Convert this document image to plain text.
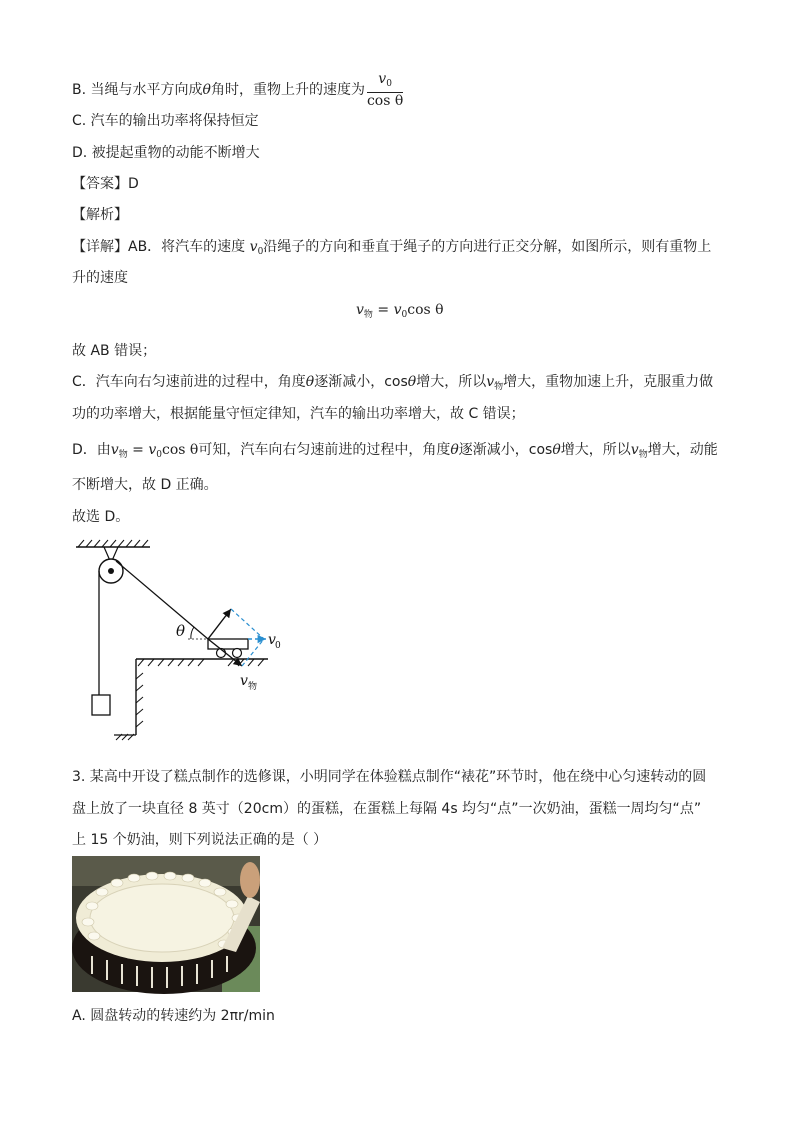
B. 当绳与水平方向成θ角时，重物上升的速度为 $\frac{v_0}{\text{cos θ}}$
C. 汽车的输出功率将保持恒定
D. 被提起重物的动能不断增大
【答案】D
【解析】
【详解】AB．将汽车的速度 $v_0$沿绳子的方向和垂直于绳子的方向进行正交分解，如图所示，则有重物上
升的速度
$v_物 = v_0\cos$ θ
故 AB 错误；
C．汽车向右匀速前进的过程中，角度θ逐渐减小，cosθ增大，所以$v_物$增大，重物加速上升，克服重力做
功的功率增大，根据能量守恒定律知，汽车的输出功率增大，故 C 错误；
D．由$v_物 = v_0\cos$ θ可知，汽车向右匀速前进的过程中，角度θ逐渐减小，cosθ增大，所以$v_物$增大，动能
不断增大，故 D 正确。
故选 D。
θ	v 0
v 物
3. 某高中开设了糕点制作的选修课，小明同学在体验糕点制作“裱花”环节时，他在绕中心匀速转动的圆
盘上放了一块直径 8 英寸（20cm）的蛋糕，在蛋糕上每隔 4s 均匀“点”一次奶油，蛋糕一周均匀“点”
上 15 个奶油，则下列说法正确的是（ ）
A. 圆盘转动的转速约为 2πr/min
